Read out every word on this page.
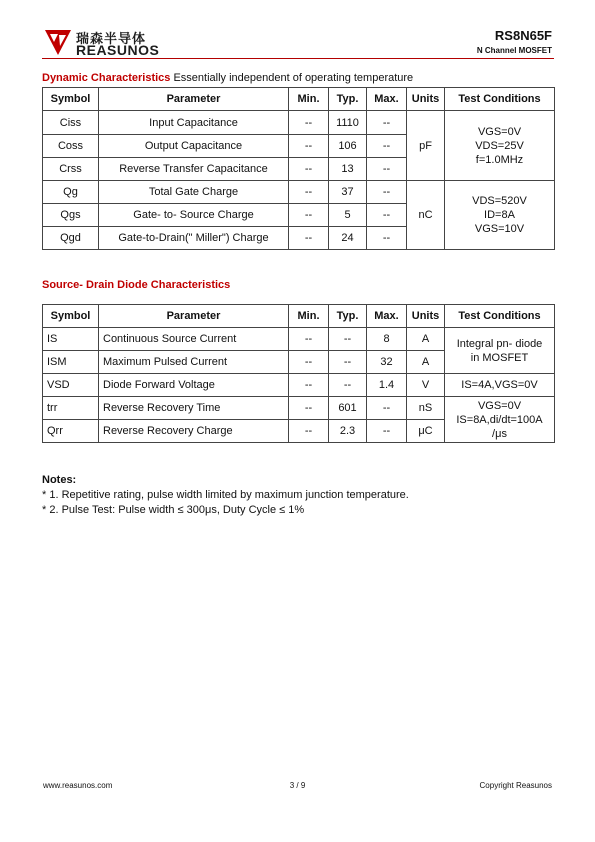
瑞森半导体
REASUNOS
RS8N65F
N Channel MOSFET
Dynamic Characteristics Essentially independent of operating temperature
Symbol	Parameter	Min.	Typ.	Max.	Units	Test Conditions
Ciss	Input Capacitance	--	1110	--	pF	VGS=0V
VDS=25V
f=1.0MHz

Coss	Output Capacitance	--	106	--		
Crss	Reverse Transfer Capacitance	--	13	--		
Qg	Total Gate Charge	--	37	--	nC	VDS=520V
ID=8A
VGS=10V

Qgs	Gate- to- Source Charge	--	5	--		
Qgd	Gate-to-Drain(" Miller") Charge	--	24	--		
Source- Drain Diode Characteristics
Symbol	Parameter	Min.	Typ.	Max.	Units	Test Conditions
IS	Continuous Source Current	--	--	8	A	Integral pn- diode
in MOSFET

ISM	Maximum Pulsed Current	--	--	32	A	
VSD	Diode Forward Voltage	--	--	1.4	V	IS=4A,VGS=0V
trr	Reverse Recovery Time	--	601	--	nS	VGS=0V
IS=8A,di/dt=100A
/μs

Qrr	Reverse Recovery Charge	--	2.3	--	μC	
Notes:
* 1. Repetitive rating, pulse width limited by maximum junction temperature.
* 2. Pulse Test: Pulse width ≤ 300μs, Duty Cycle ≤ 1%
www.reasunos.com	3 / 9	Copyright Reasunos
